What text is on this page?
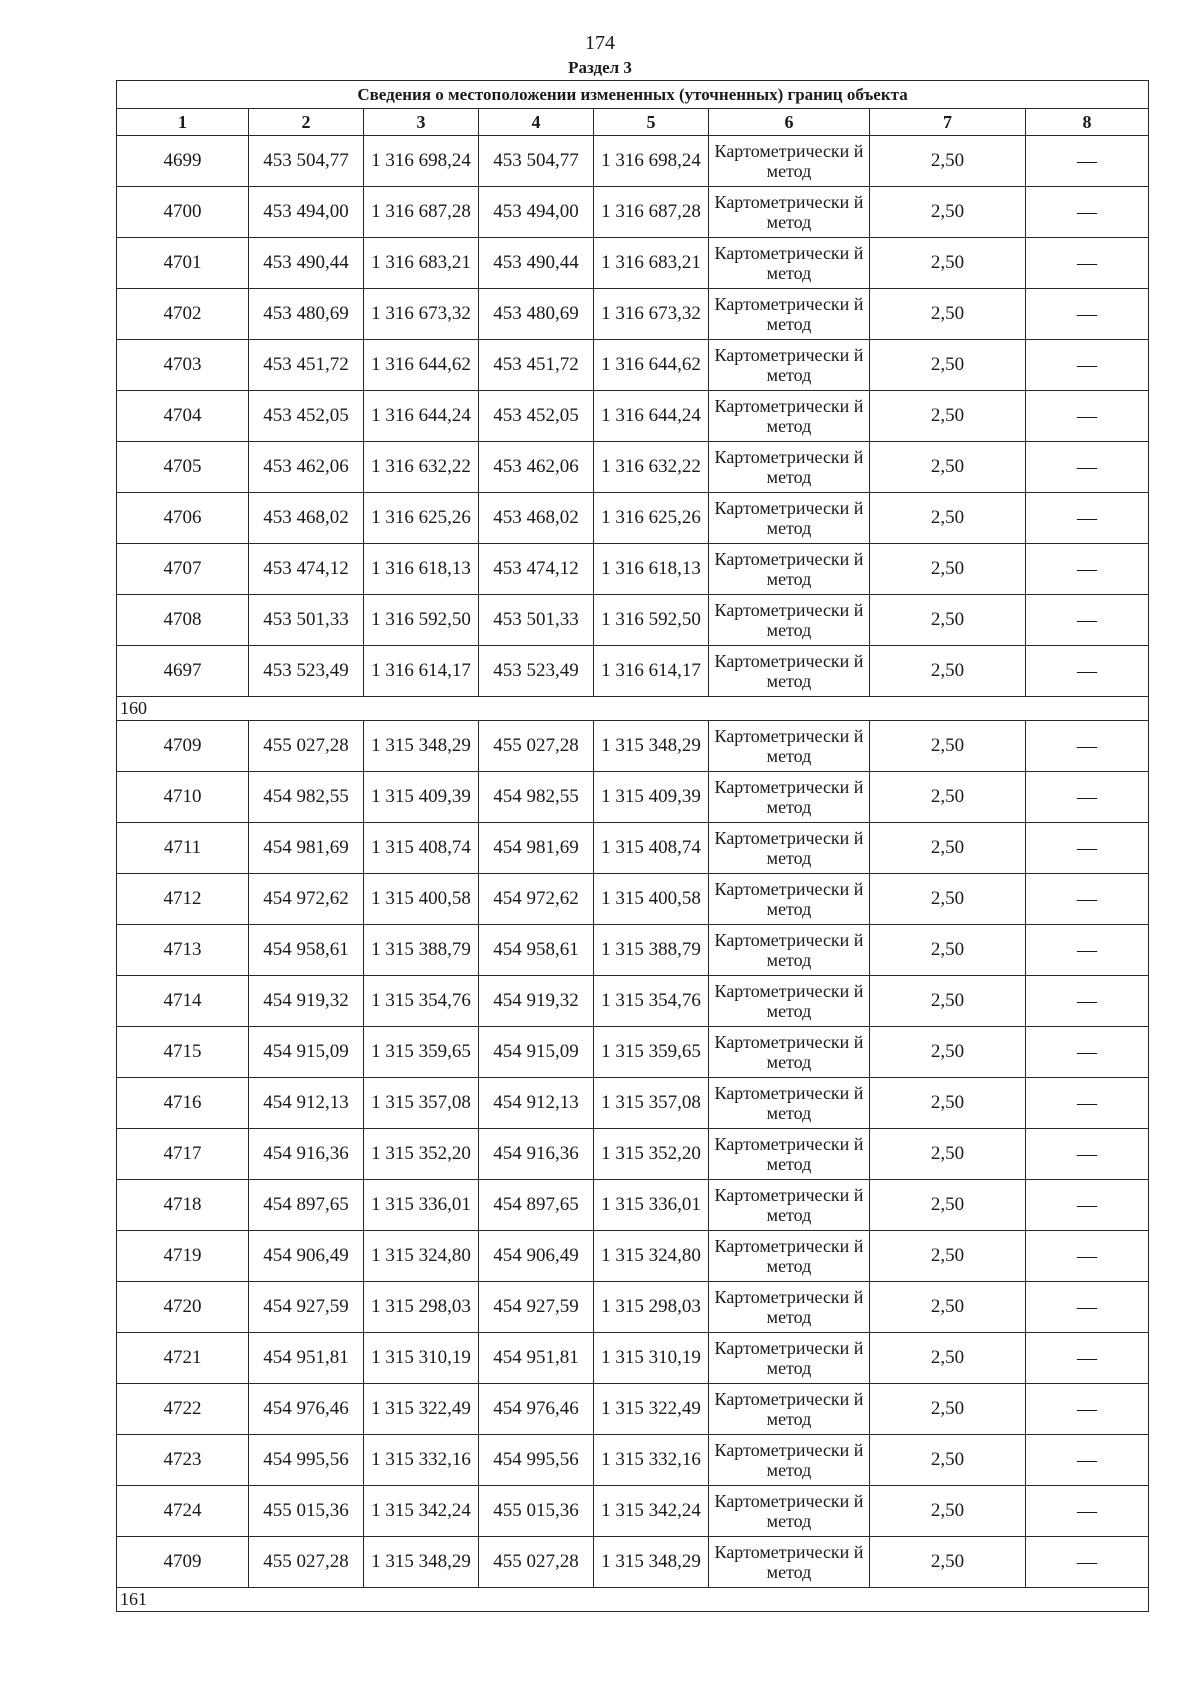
174
Раздел 3
Сведения о местоположении измененных (уточненных) границ объекта							
1	2	3	4	5	6	7	8
4699	453 504,77	1 316 698,24	453 504,77	1 316 698,24	Картометрически й метод	2,50	—
4700	453 494,00	1 316 687,28	453 494,00	1 316 687,28	Картометрически й метод	2,50	—
4701	453 490,44	1 316 683,21	453 490,44	1 316 683,21	Картометрически й метод	2,50	—
4702	453 480,69	1 316 673,32	453 480,69	1 316 673,32	Картометрически й метод	2,50	—
4703	453 451,72	1 316 644,62	453 451,72	1 316 644,62	Картометрически й метод	2,50	—
4704	453 452,05	1 316 644,24	453 452,05	1 316 644,24	Картометрически й метод	2,50	—
4705	453 462,06	1 316 632,22	453 462,06	1 316 632,22	Картометрически й метод	2,50	—
4706	453 468,02	1 316 625,26	453 468,02	1 316 625,26	Картометрически й метод	2,50	—
4707	453 474,12	1 316 618,13	453 474,12	1 316 618,13	Картометрически й метод	2,50	—
4708	453 501,33	1 316 592,50	453 501,33	1 316 592,50	Картометрически й метод	2,50	—
4697	453 523,49	1 316 614,17	453 523,49	1 316 614,17	Картометрически й метод	2,50	—
160							
4709	455 027,28	1 315 348,29	455 027,28	1 315 348,29	Картометрически й метод	2,50	—
4710	454 982,55	1 315 409,39	454 982,55	1 315 409,39	Картометрически й метод	2,50	—
4711	454 981,69	1 315 408,74	454 981,69	1 315 408,74	Картометрически й метод	2,50	—
4712	454 972,62	1 315 400,58	454 972,62	1 315 400,58	Картометрически й метод	2,50	—
4713	454 958,61	1 315 388,79	454 958,61	1 315 388,79	Картометрически й метод	2,50	—
4714	454 919,32	1 315 354,76	454 919,32	1 315 354,76	Картометрически й метод	2,50	—
4715	454 915,09	1 315 359,65	454 915,09	1 315 359,65	Картометрически й метод	2,50	—
4716	454 912,13	1 315 357,08	454 912,13	1 315 357,08	Картометрически й метод	2,50	—
4717	454 916,36	1 315 352,20	454 916,36	1 315 352,20	Картометрически й метод	2,50	—
4718	454 897,65	1 315 336,01	454 897,65	1 315 336,01	Картометрически й метод	2,50	—
4719	454 906,49	1 315 324,80	454 906,49	1 315 324,80	Картометрически й метод	2,50	—
4720	454 927,59	1 315 298,03	454 927,59	1 315 298,03	Картометрически й метод	2,50	—
4721	454 951,81	1 315 310,19	454 951,81	1 315 310,19	Картометрически й метод	2,50	—
4722	454 976,46	1 315 322,49	454 976,46	1 315 322,49	Картометрически й метод	2,50	—
4723	454 995,56	1 315 332,16	454 995,56	1 315 332,16	Картометрически й метод	2,50	—
4724	455 015,36	1 315 342,24	455 015,36	1 315 342,24	Картометрически й метод	2,50	—
4709	455 027,28	1 315 348,29	455 027,28	1 315 348,29	Картометрически й метод	2,50	—
161							
